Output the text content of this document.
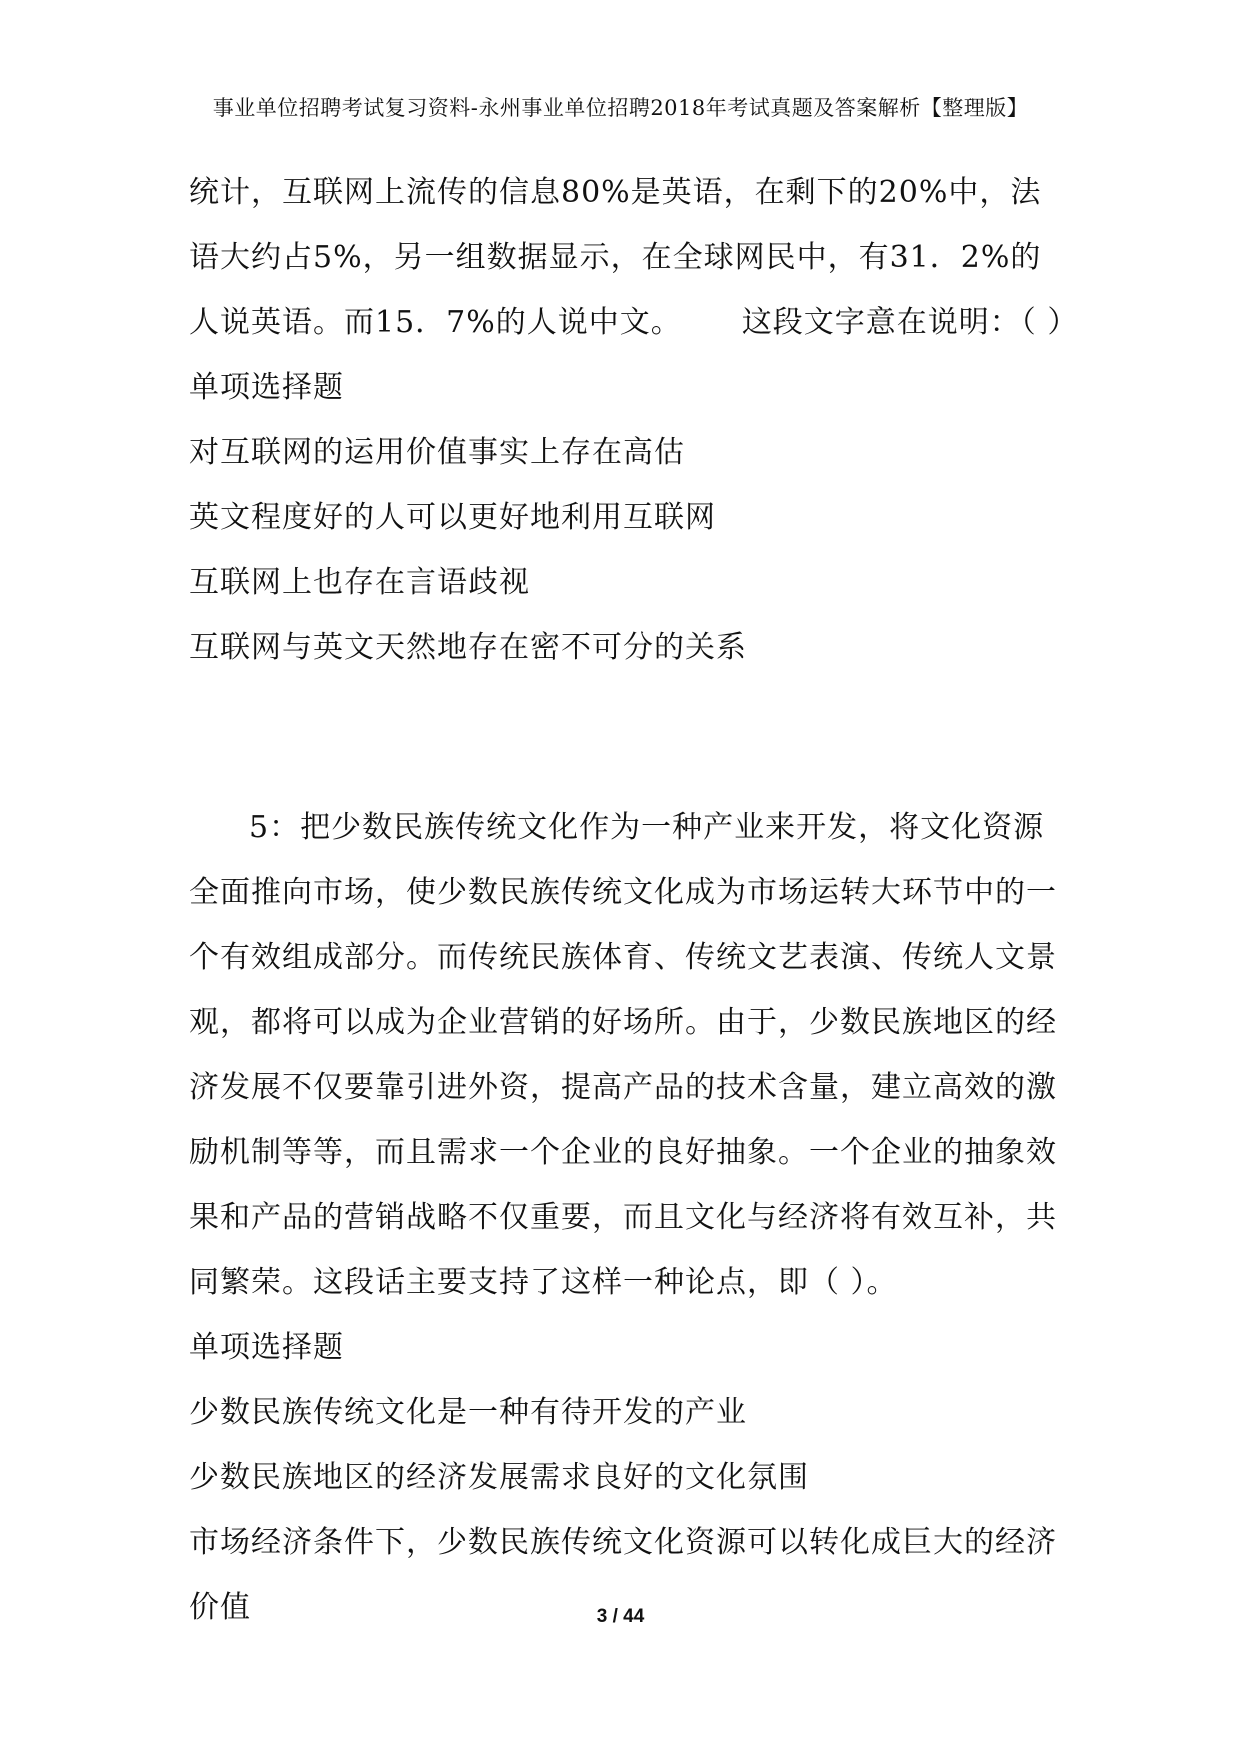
事业单位招聘考试复习资料-永州事业单位招聘2018年考试真题及答案解析【整理版】
统计，互联网上流传的信息80%是英语，在剩下的20%中，法
语大约占5%，另一组数据显示，在全球网民中，有31．2%的
人说英语。而15．7%的人说中文。 这段文字意在说明：（ ）
单项选择题
对互联网的运用价值事实上存在高估
英文程度好的人可以更好地利用互联网
互联网上也存在言语歧视
互联网与英文天然地存在密不可分的关系
5：把少数民族传统文化作为一种产业来开发，将文化资源
全面推向市场，使少数民族传统文化成为市场运转大环节中的一
个有效组成部分。而传统民族体育、传统文艺表演、传统人文景
观，都将可以成为企业营销的好场所。由于，少数民族地区的经
济发展不仅要靠引进外资，提高产品的技术含量，建立高效的激
励机制等等，而且需求一个企业的良好抽象。一个企业的抽象效
果和产品的营销战略不仅重要，而且文化与经济将有效互补，共
同繁荣。这段话主要支持了这样一种论点，即（ ）。
单项选择题
少数民族传统文化是一种有待开发的产业
少数民族地区的经济发展需求良好的文化氛围
市场经济条件下，少数民族传统文化资源可以转化成巨大的经济
价值	3 / 44
